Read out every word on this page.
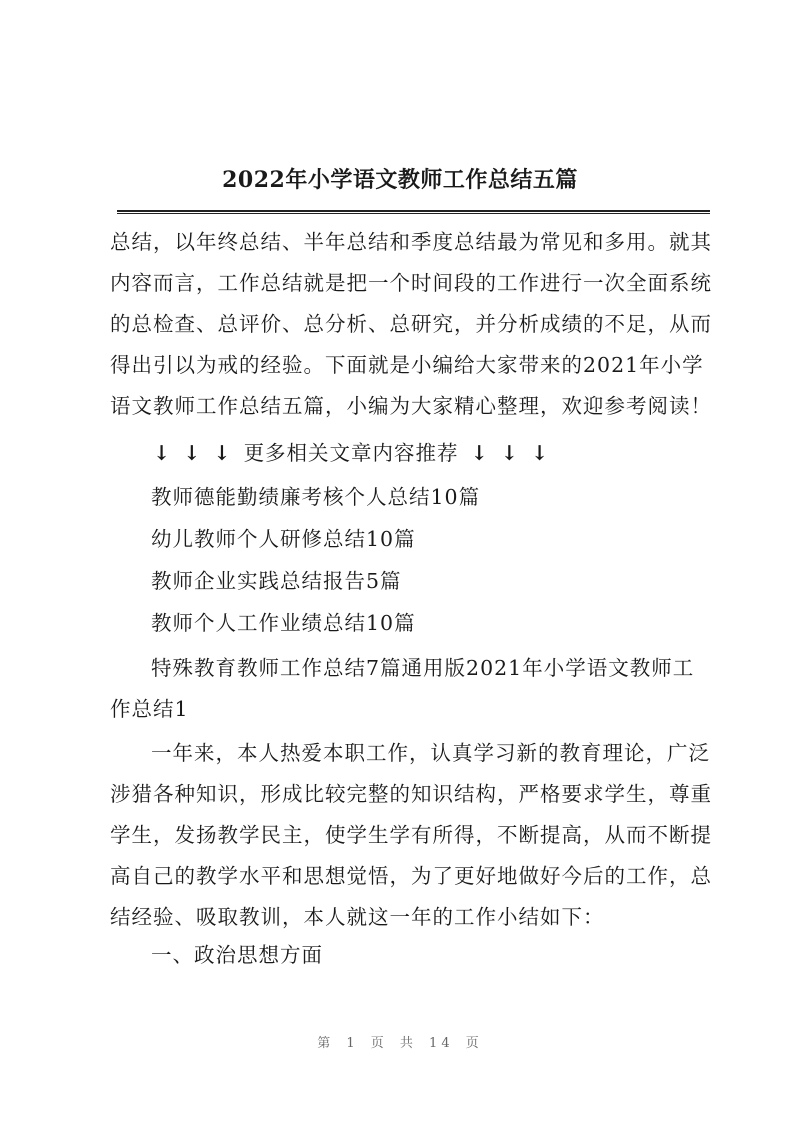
2022年小学语文教师工作总结五篇
总结，以年终总结、半年总结和季度总结最为常见和多用。就其内容而言，工作总结就是把一个时间段的工作进行一次全面系统的总检查、总评价、总分析、总研究，并分析成绩的不足，从而得出引以为戒的经验。下面就是小编给大家带来的2021年小学语文教师工作总结五篇，小编为大家精心整理，欢迎参考阅读！
↓ ↓ ↓ 更多相关文章内容推荐 ↓ ↓ ↓
教师德能勤绩廉考核个人总结10篇
幼儿教师个人研修总结10篇
教师企业实践总结报告5篇
教师个人工作业绩总结10篇
特殊教育教师工作总结7篇通用版2021年小学语文教师工作总结1
一年来，本人热爱本职工作，认真学习新的教育理论，广泛涉猎各种知识，形成比较完整的知识结构，严格要求学生，尊重学生，发扬教学民主，使学生学有所得，不断提高，从而不断提高自己的教学水平和思想觉悟，为了更好地做好今后的工作，总结经验、吸取教训，本人就这一年的工作小结如下：
一、政治思想方面
第 1 页 共 14 页
